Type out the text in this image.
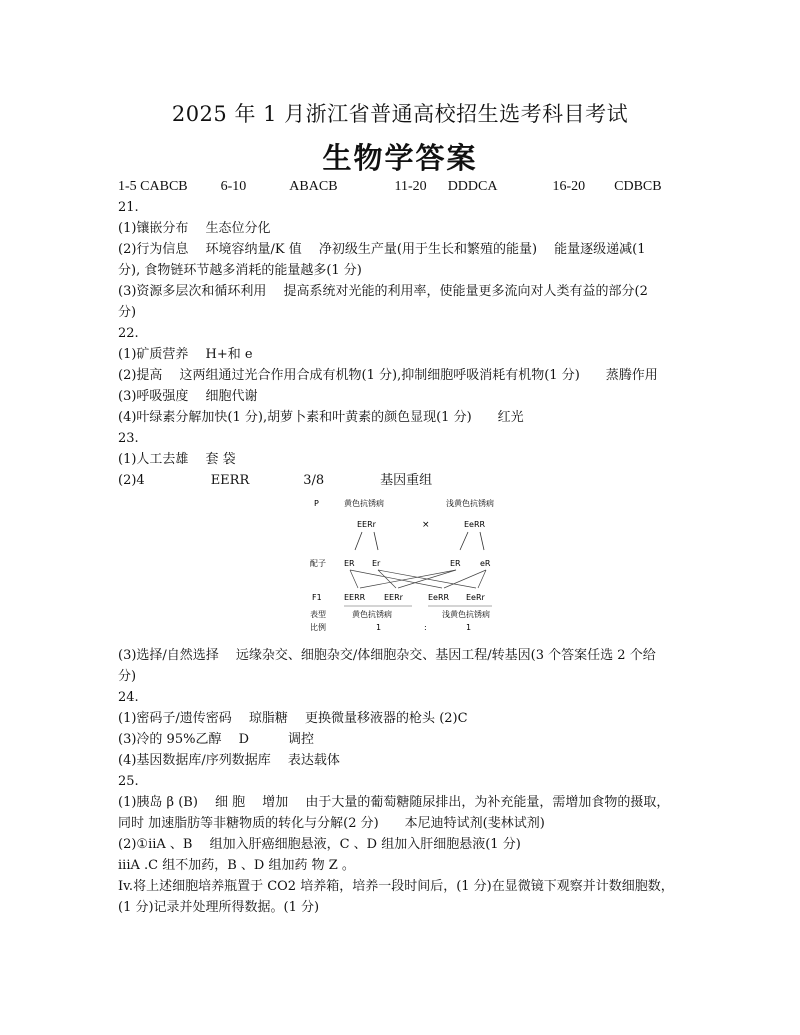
2025 年 1 月浙江省普通高校招生选考科目考试
生物学答案
1-5 CABCB 6-10	ABACB	11-20 DDDCA	16-20 CDBCB
21.
(1)镶嵌分布　 生态位分化
(2)行为信息　 环境容纳量/K 值　 净初级生产量(用于生长和繁殖的能量)　 能量逐级递减(1
分), 食物链环节越多消耗的能量越多(1 分)
(3)资源多层次和循环利用　 提高系统对光能的利用率，使能量更多流向对人类有益的部分(2
分)
22.
(1)矿质营养　 H+和 e
(2)提高　 这两组通过光合作用合成有机物(1 分),抑制细胞呼吸消耗有机物(1 分)　　蒸腾作用
(3)呼吸强度　 细胞代谢
(4)叶绿素分解加快(1 分),胡萝卜素和叶黄素的颜色显现(1 分)　　红光
23.
(1)人工去雄　 套 袋
(2)4	EERR	3/8	基因重组
P	黄色抗锈病	浅黄色抗锈病
EERr	×	EeRR
配子 ER Er	ER eR
F1	EERR EERr	EeRR EeRr
表型	黄色抗锈病	浅黄色抗锈病
比例	1	:	1
(3)选择/自然选择　 远缘杂交、细胞杂交/体细胞杂交、基因工程/转基因(3 个答案任选 2 个给
分)
24.
(1)密码子/遗传密码　 琼脂糖　 更换微量移液器的枪头 (2)C
(3)冷的 95%乙醇　 D　　　调控
(4)基因数据库/序列数据库　 表达载体
25.
(1)胰岛 β (B)　 细 胞　 增加　 由于大量的葡萄糖随尿排出，为补充能量，需增加食物的摄取，
同时 加速脂肪等非糖物质的转化与分解(2 分)　　本尼迪特试剂(斐林试剂)
(2)①iiA 、B　 组加入肝癌细胞悬液，C 、D 组加入肝细胞悬液(1 分)
iiiA .C 组不加药，B 、D 组加药 物 Z 。
Iv.将上述细胞培养瓶置于 CO2 培养箱，培养一段时间后，(1 分)在显微镜下观察并计数细胞数，
(1 分)记录并处理所得数据。(1 分)
